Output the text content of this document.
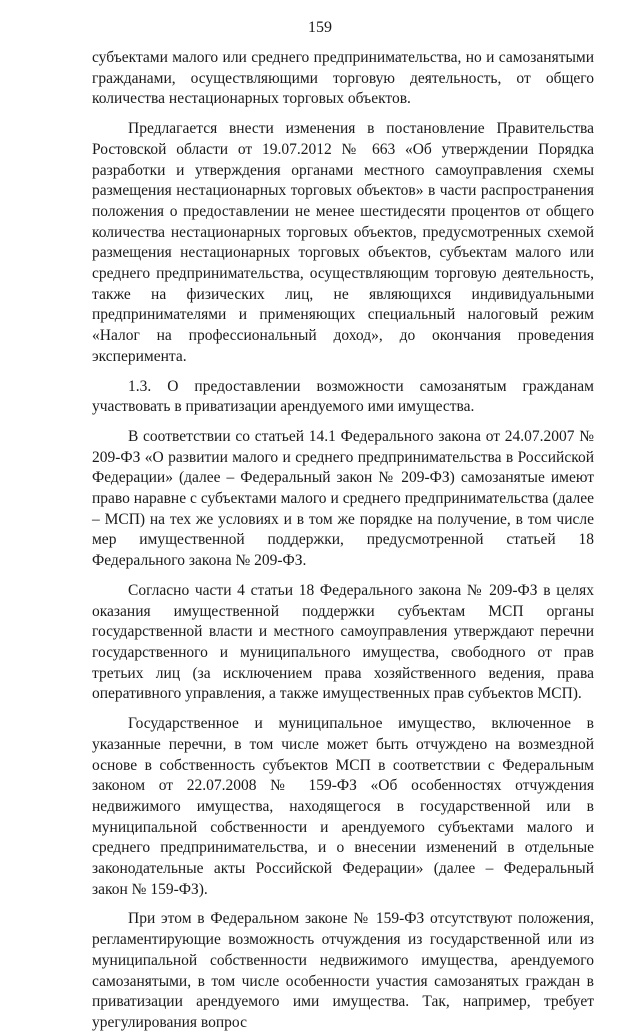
159

субъектами малого или среднего предпринимательства, но и самозанятыми гражданами, осуществляющими торговую деятельность, от общего количества нестационарных торговых объектов.

Предлагается внести изменения в постановление Правительства Ростовской области от 19.07.2012 № 663 «Об утверждении Порядка разработки и утверждения органами местного самоуправления схемы размещения нестационарных торговых объектов» в части распространения положения о предоставлении не менее шестидесяти процентов от общего количества нестационарных торговых объектов, предусмотренных схемой размещения нестационарных торговых объектов, субъектам малого или среднего предпринимательства, осуществляющим торговую деятельность, также на физических лиц, не являющихся индивидуальными предпринимателями и применяющих специальный налоговый режим «Налог на профессиональный доход», до окончания проведения эксперимента.

1.3. О предоставлении возможности самозанятым гражданам участвовать в приватизации арендуемого ими имущества.

В соответствии со статьей 14.1 Федерального закона от 24.07.2007 № 209-ФЗ «О развитии малого и среднего предпринимательства в Российской Федерации» (далее – Федеральный закон № 209-ФЗ) самозанятые имеют право наравне с субъектами малого и среднего предпринимательства (далее – МСП) на тех же условиях и в том же порядке на получение, в том числе мер имущественной поддержки, предусмотренной статьей 18 Федерального закона № 209-ФЗ.

Согласно части 4 статьи 18 Федерального закона № 209-ФЗ в целях оказания имущественной поддержки субъектам МСП органы государственной власти и местного самоуправления утверждают перечни государственного и муниципального имущества, свободного от прав третьих лиц (за исключением права хозяйственного ведения, права оперативного управления, а также имущественных прав субъектов МСП).

Государственное и муниципальное имущество, включенное в указанные перечни, в том числе может быть отчуждено на возмездной основе в собственность субъектов МСП в соответствии с Федеральным законом от 22.07.2008 № 159-ФЗ «Об особенностях отчуждения недвижимого имущества, находящегося в государственной или в муниципальной собственности и арендуемого субъектами малого и среднего предпринимательства, и о внесении изменений в отдельные законодательные акты Российской Федерации» (далее – Федеральный закон № 159-ФЗ).

При этом в Федеральном законе № 159-ФЗ отсутствуют положения, регламентирующие возможность отчуждения из государственной или из муниципальной собственности недвижимого имущества, арендуемого самозанятыми, в том числе особенности участия самозанятых граждан в приватизации арендуемого ими имущества. Так, например, требует урегулирования вопрос
